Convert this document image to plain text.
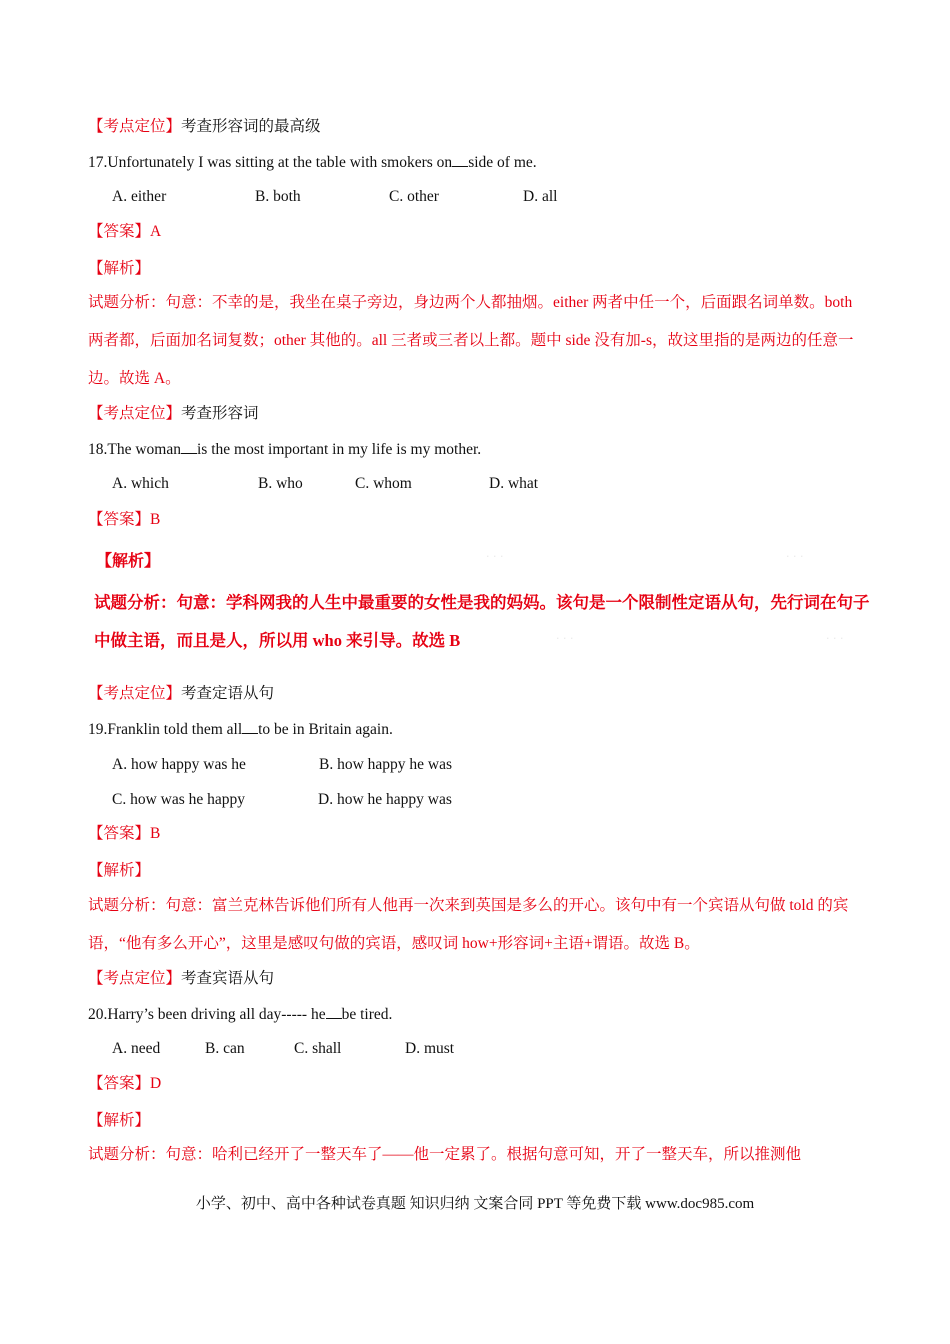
【考点定位】考查形容词的最高级
17.Unfortunately I was sitting at the table with smokers on side of me.
A. either	B. both	C. other	D. all
【答案】A
【解析】
试题分析：句意：不幸的是，我坐在桌子旁边，身边两个人都抽烟。either 两者中任一个，后面跟名词单数。both 两者都，后面加名词复数；other 其他的。all 三者或三者以上都。题中 side 没有加-s，故这里指的是两边的任意一边。故选 A。
【考点定位】考查形容词
18.The woman is the most important in my life is my mother.
A. which	B. who	C. whom	D. what
【答案】B
· · ·	· · ·
· · ·	· · ·
【解析】
试题分析：句意：学科网我的人生中最重要的女性是我的妈妈。该句是一个限制性定语从句，先行词在句子中做主语，而且是人，所以用 who 来引导。故选 B
【考点定位】考查定语从句
19.Franklin told them all to be in Britain again.
A. how happy was he	B. how happy he was
C. how was he happy	D. how he happy was
【答案】B
【解析】
试题分析：句意：富兰克林告诉他们所有人他再一次来到英国是多么的开心。该句中有一个宾语从句做 told 的宾语，“他有多么开心”，这里是感叹句做的宾语，感叹词 how+形容词+主语+谓语。故选 B。
【考点定位】考查宾语从句
20.Harry’s been driving all day----- he be tired.
A. need	B. can	C. shall	D. must
【答案】D
【解析】
试题分析：句意：哈利已经开了一整天车了——他一定累了。根据句意可知，开了一整天车，所以推测他
小学、初中、高中各种试卷真题 知识归纳 文案合同 PPT 等免费下载 www.doc985.com
